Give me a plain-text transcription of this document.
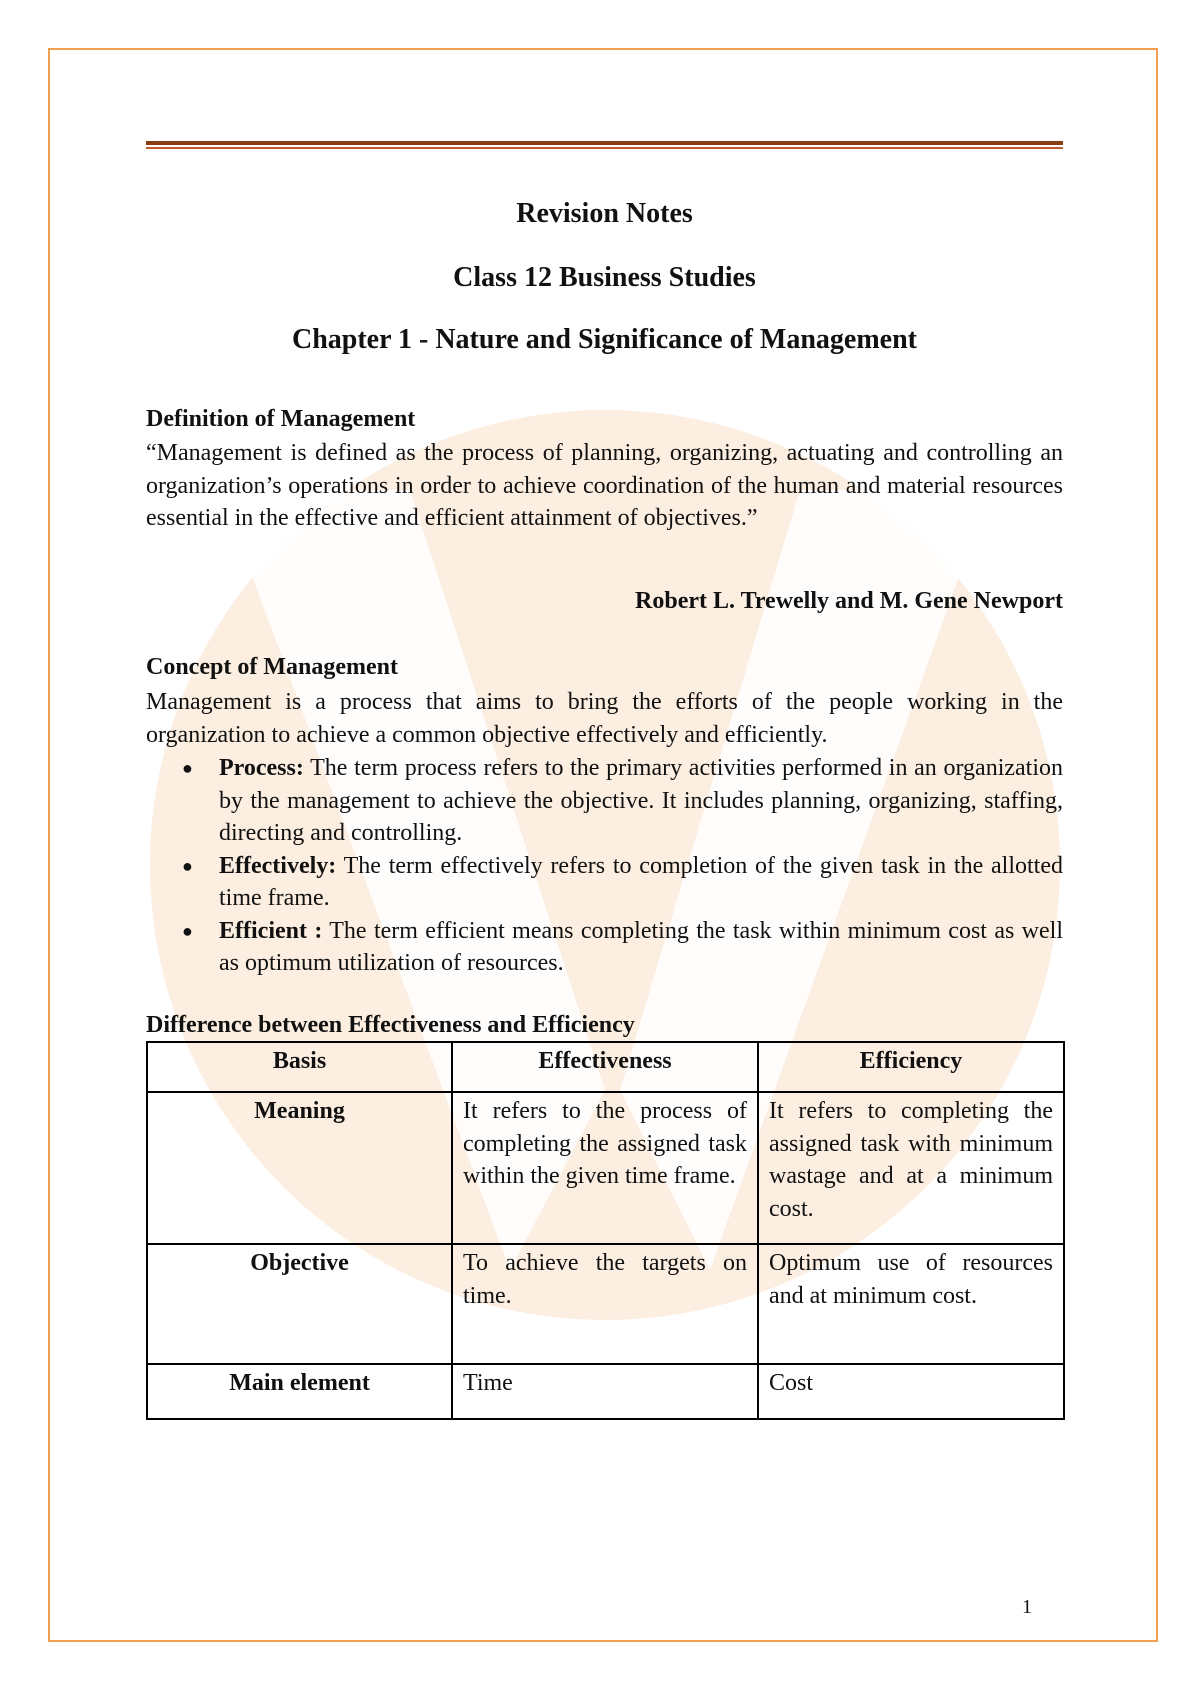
Revision Notes
Class 12 Business Studies
Chapter 1 - Nature and Significance of Management
Definition of Management
“Management is defined as the process of planning, organizing, actuating and controlling an organization’s operations in order to achieve coordination of the human and material resources essential in the effective and efficient attainment of objectives.”
Robert L. Trewelly and M. Gene Newport
Concept of Management
Management is a process that aims to bring the efforts of the people working in the organization to achieve a common objective effectively and efficiently.
● Process: The term process refers to the primary activities performed in an organization by the management to achieve the objective. It includes planning, organizing, staffing, directing and controlling.
● Effectively: The term effectively refers to completion of the given task in the allotted time frame.
● Efficient : The term efficient means completing the task within minimum cost as well as optimum utilization of resources.
Difference between Effectiveness and Efficiency
Basis	Effectiveness	Efficiency
Meaning	It refers to the process of completing the assigned task within the given time frame.	It refers to completing the assigned task with minimum wastage and at a minimum cost.
Objective	To achieve the targets on time.	Optimum use of resources and at minimum cost.
Main element	Time	Cost
1
